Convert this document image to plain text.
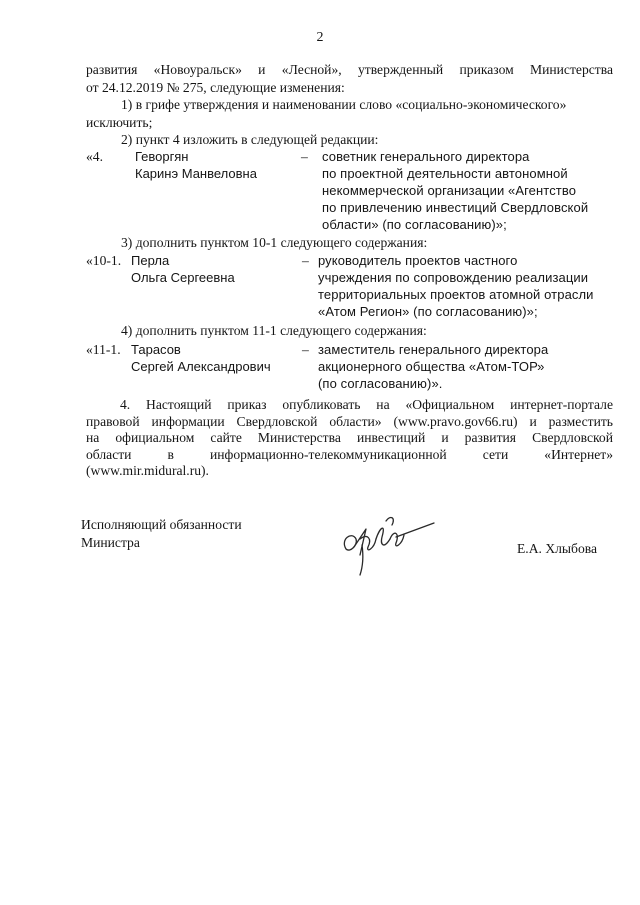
2
развития «Новоуральск» и «Лесной», утвержденный приказом Министерства
от 24.12.2019 № 275, следующие изменения:
1) в грифе утверждения и наименовании слово «социально-экономического»
исключить;
2) пункт 4 изложить в следующей редакции:
«4. Геворгян
Каринэ Манвеловна
– советник генерального директора
по проектной деятельности автономной
некоммерческой организации «Агентство
по привлечению инвестиций Свердловской
области» (по согласованию)»;
3) дополнить пунктом 10-1 следующего содержания:
«10-1. Перла
Ольга Сергеевна
– руководитель проектов частного
учреждения по сопровождению реализации
территориальных проектов атомной отрасли
«Атом Регион» (по согласованию)»;
4) дополнить пунктом 11-1 следующего содержания:
«11-1. Тарасов
Сергей Александрович
– заместитель генерального директора
акционерного общества «Атом-ТОР»
(по согласованию)».
4. Настоящий приказ опубликовать на «Официальном интернет-портале
правовой информации Свердловской области» (www.pravo.gov66.ru) и разместить
на официальном сайте Министерства инвестиций и развития Свердловской
области в информационно-телекоммуникационной сети «Интернет»
(www.mir.midural.ru).
Исполняющий обязанности
Министра	Е.А. Хлыбова
